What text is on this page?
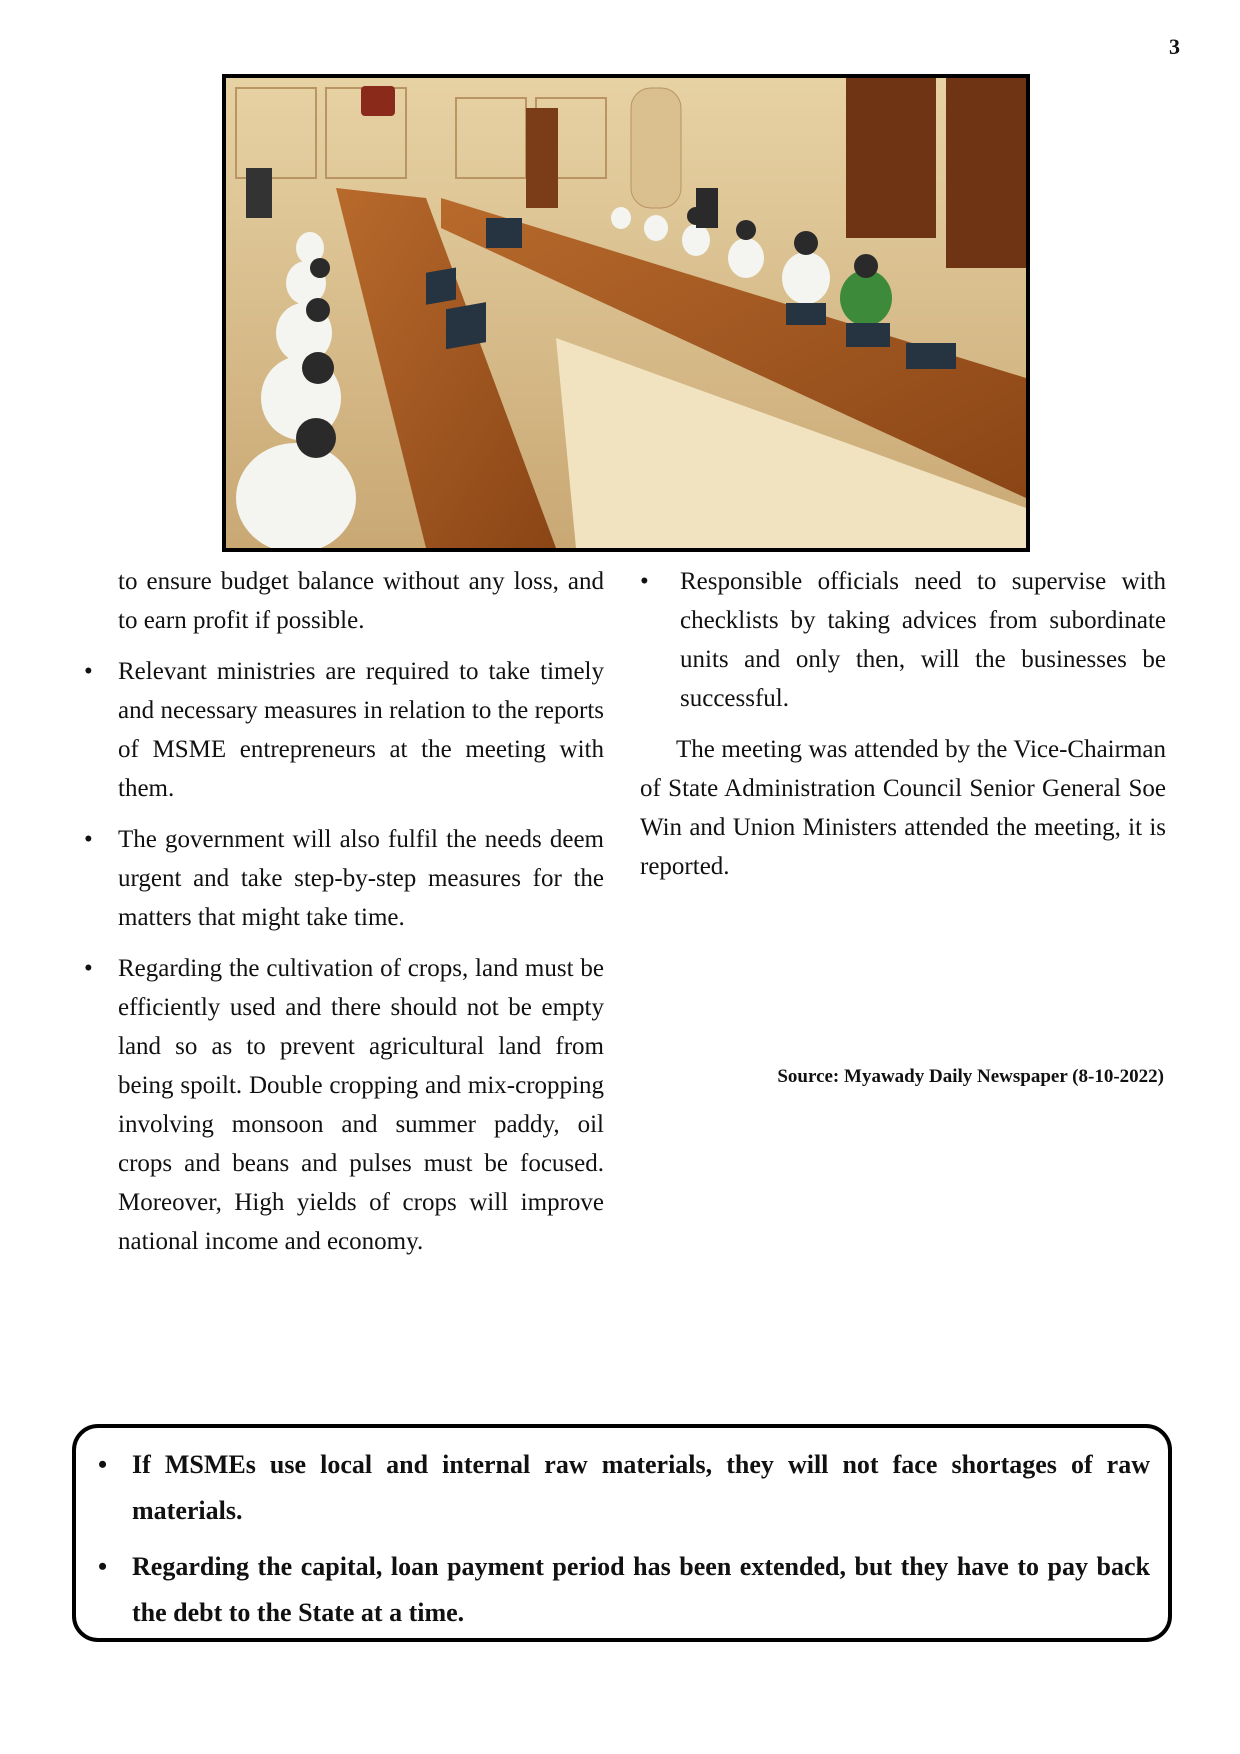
3

to ensure budget balance without any loss, and to earn profit if possible.

•	Relevant ministries are required to take timely and necessary measures in relation to the reports of MSME entrepreneurs at the meeting with them.

•	The government will also fulfil the needs deem urgent and take step-by-step measures for the matters that might take time.

•	Regarding the cultivation of crops, land must be efficiently used and there should not be empty land so as to prevent agricultural land from being spoilt. Double cropping and mix-cropping involving monsoon and summer paddy, oil crops and beans and pulses must be focused. Moreover, High yields of crops will improve national income and economy.

•	Responsible officials need to supervise with checklists by taking advices from subordinate units and only then, will the businesses be successful.

The meeting was attended by the Vice-Chairman of State Administration Council Senior General Soe Win and Union Ministers attended the meeting, it is reported.

Source: Myawady Daily Newspaper (8-10-2022)
• If MSMEs use local and internal raw materials, they will not face shortages of raw materials.
• Regarding the capital, loan payment period has been extended, but they have to pay back the debt to the State at a time.
